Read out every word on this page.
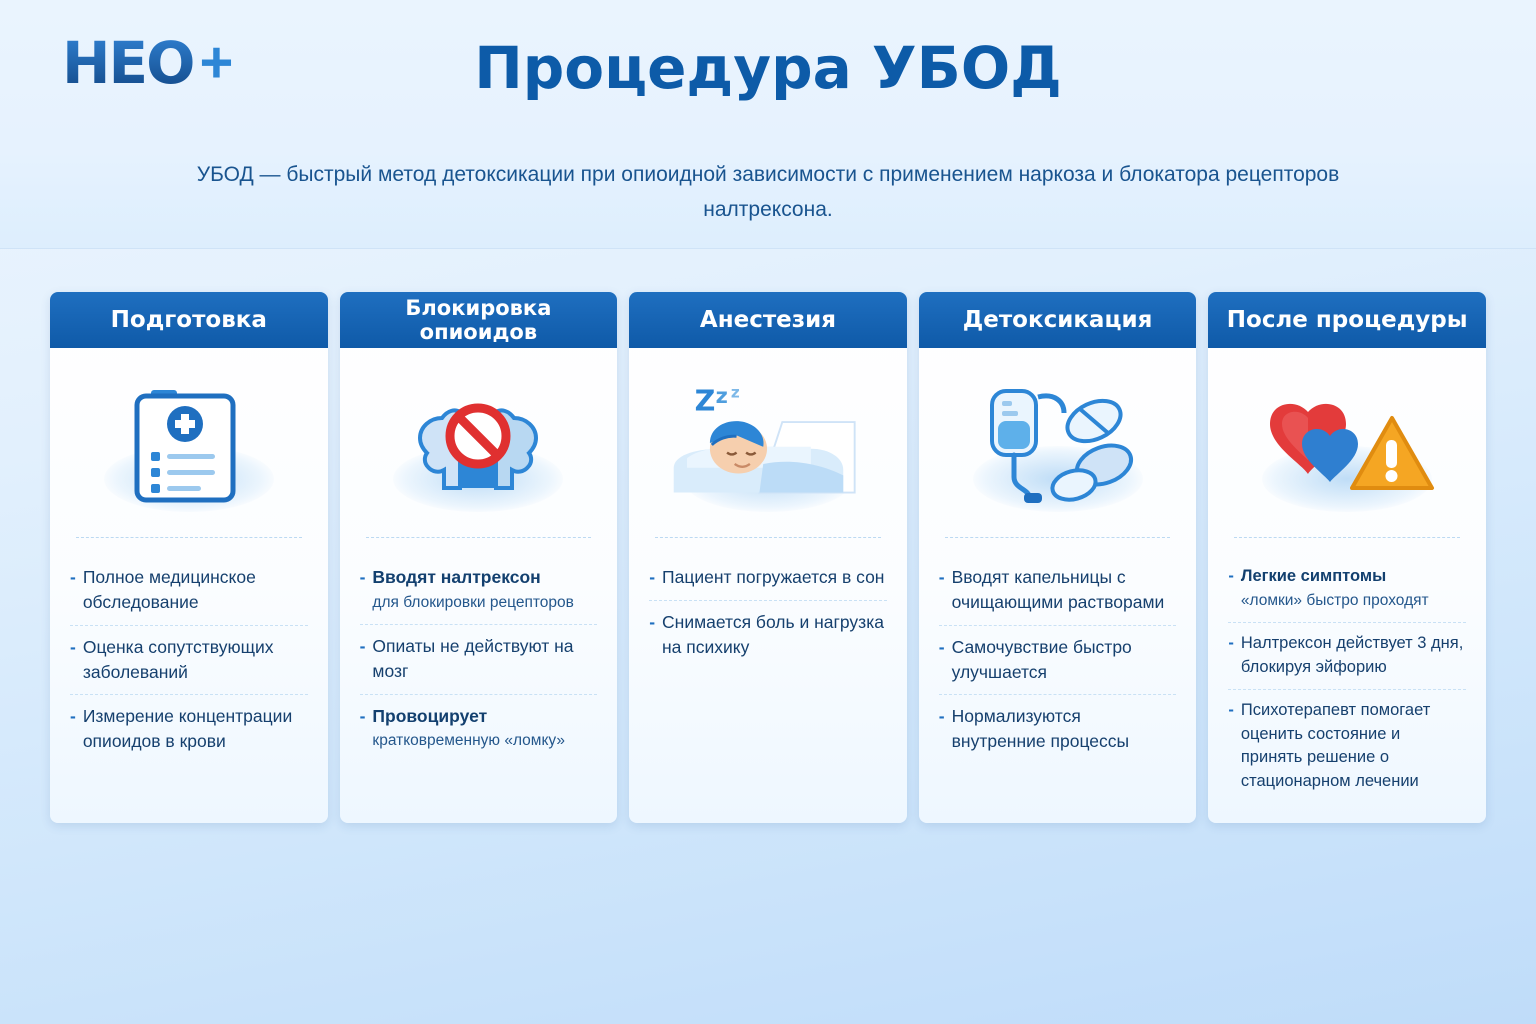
HEO +	Процедура УБОД
УБОД — быстрый метод детоксикации при опиоидной зависимости с применением наркоза и блокатора рецепторов налтрексона.
Подготовка
- Полное медицинское обследование
- Оценка сопутствующих заболеваний
- Измерение концентрации опиоидов в крови
Блокировка опиоидов
- Вводят налтрексон
для блокировки рецепторов
- Опиаты не действуют на мозг
- Провоцирует
кратковременную «ломку»
Анестезия
Z z z
- Пациент погружается в сон
- Снимается боль и нагрузка на психику
Детоксикация
- Вводят капельницы с очищающими растворами
- Самочувствие быстро улучшается
- Нормализуются внутренние процессы
После процедуры
- Легкие симптомы
«ломки» быстро проходят
- Налтрексон действует 3 дня, блокируя эйфорию
- Психотерапевт помогает оценить состояние и принять решение о стационарном лечении
